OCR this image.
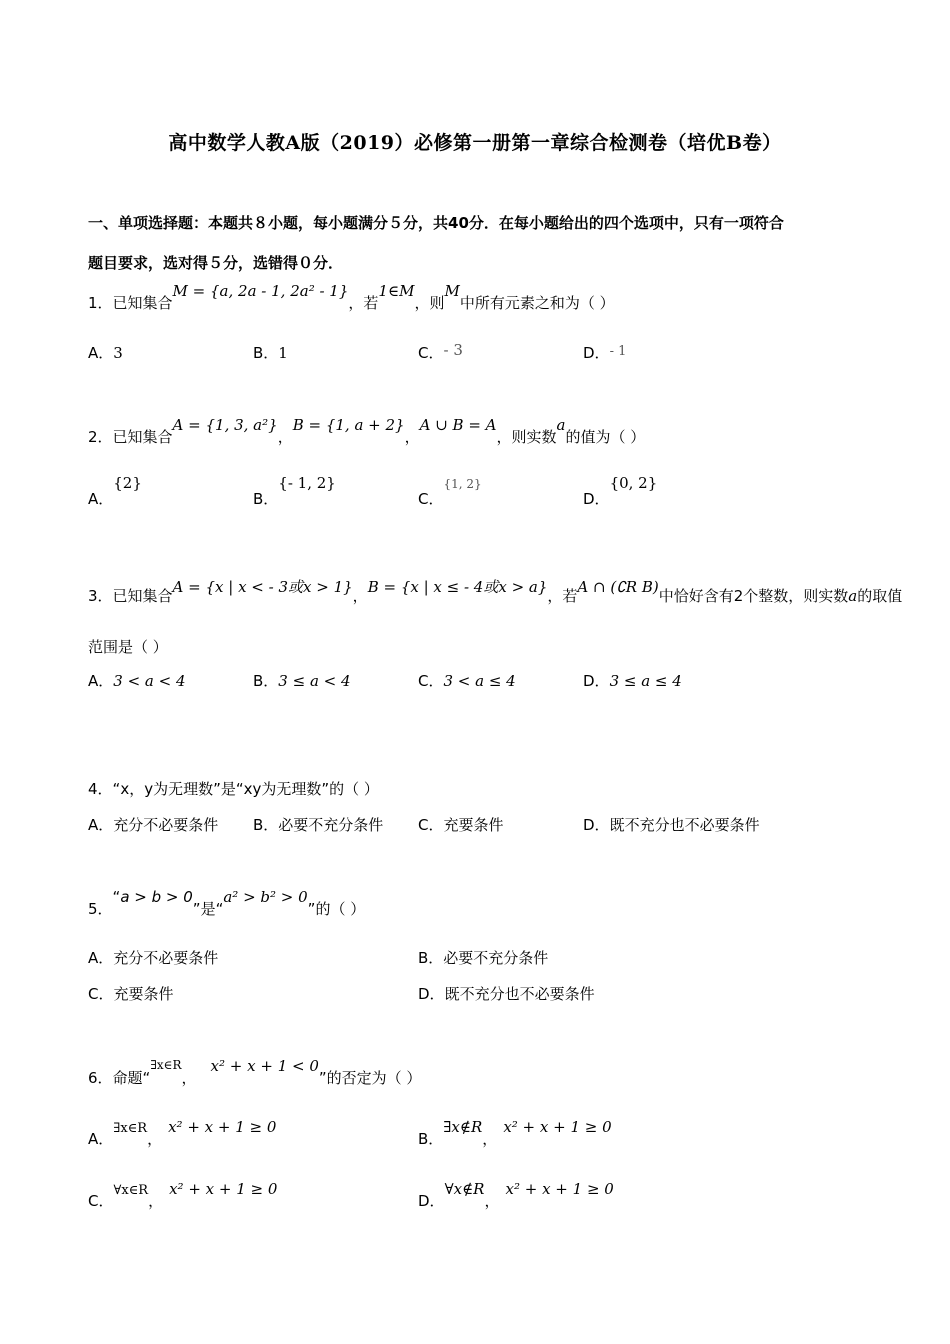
高中数学人教A版（2019）必修第一册第一章综合检测卷（培优B卷）
一、单项选择题：本题共８小题，每小题满分５分，共40分．在每小题给出的四个选项中，只有一项符合
题目要求，选对得５分，选错得０分．
1．已知集合M = {a, 2a - 1, 2a² - 1}，若1∈M，则M中所有元素之和为（ ）
A．3	B．1	C．- 3	D．- 1
2．已知集合A = {1, 3, a²}，B = {1, a + 2}，A ∪ B = A，则实数a的值为（ ）
A．{2}
B．{- 1, 2}
C．$^{\{1, 2\}}$
D．{0, 2}
3．已知集合A = {x | x < - 3或x > 1}，B = {x | x ≤ - 4或x > a}，若A ∩ (∁R B)中恰好含有2个整数，则实数a的取值
范围是（ ）
A．3 < a < 4	B．3 ≤ a < 4	C．3 < a ≤ 4	D．3 ≤ a ≤ 4
4．“x，y为无理数”是“xy为无理数”的（ ）
A．充分不必要条件 B．必要不充分条件 C．充要条件	D．既不充分也不必要条件
5．“a > b > 0”是“a² > b² > 0”的（ ）
A．充分不必要条件	B．必要不充分条件
C．充要条件	D．既不充分也不必要条件
6．命题“$^{\exists x\in R}$，x² + x + 1 < 0”的否定为（ ）
A．∃x∈R，x² + x + 1 ≥ 0
B．∃x∉R，x² + x + 1 ≥ 0
C．∀x∈R，x² + x + 1 ≥ 0
D．∀x∉R，x² + x + 1 ≥ 0
